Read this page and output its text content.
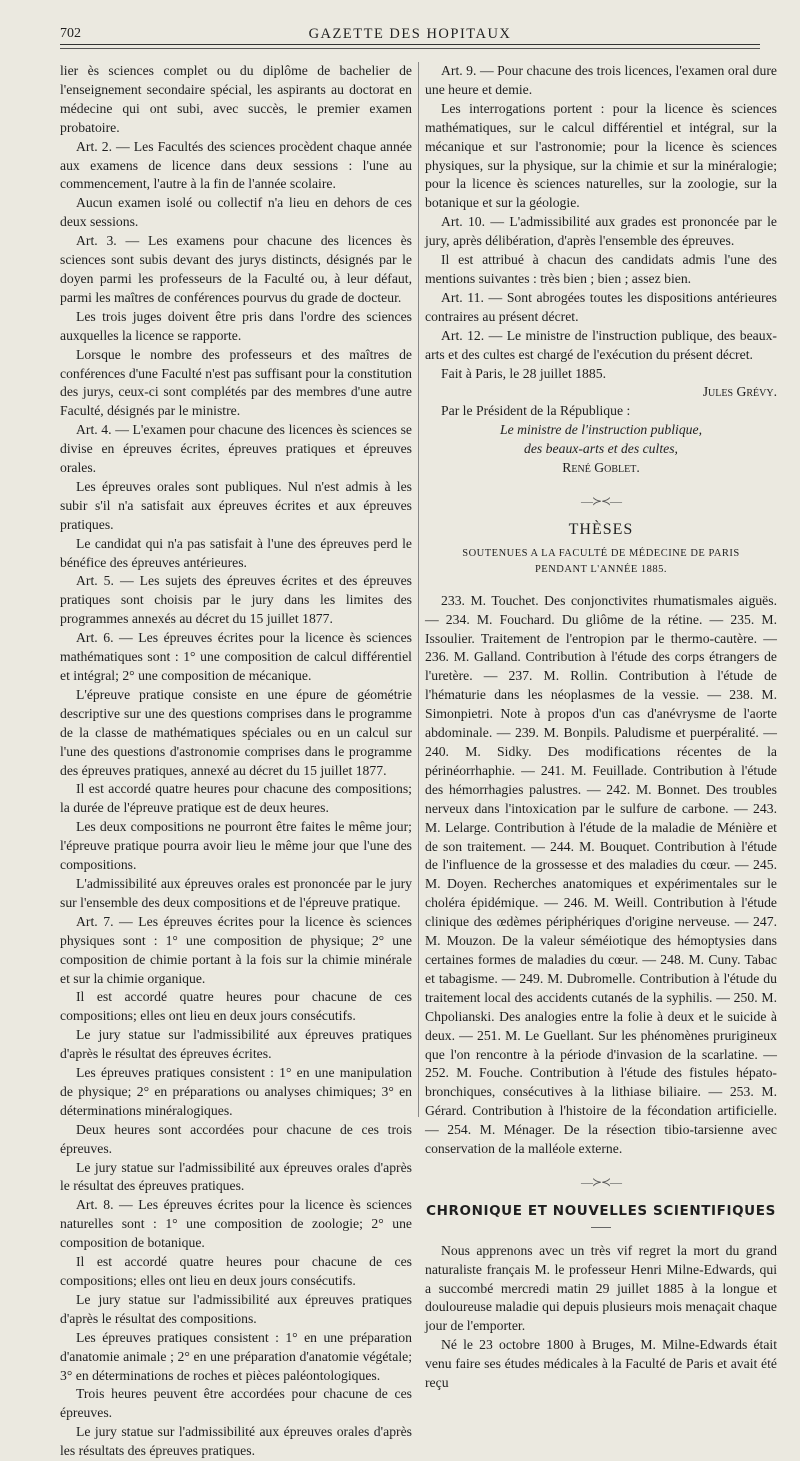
702	GAZETTE DES HOPITAUX

lier ès sciences complet ou du diplôme de bachelier de l'enseignement secondaire spécial, les aspirants au doctorat en médecine qui ont subi, avec succès, le premier examen probatoire.

Art. 2. — Les Facultés des sciences procèdent chaque année aux examens de licence dans deux sessions : l'une au commencement, l'autre à la fin de l'année scolaire.

Aucun examen isolé ou collectif n'a lieu en dehors de ces deux sessions.

Art. 3. — Les examens pour chacune des licences ès sciences sont subis devant des jurys distincts, désignés par le doyen parmi les professeurs de la Faculté ou, à leur défaut, parmi les maîtres de conférences pourvus du grade de docteur.

Les trois juges doivent être pris dans l'ordre des sciences auxquelles la licence se rapporte.

Lorsque le nombre des professeurs et des maîtres de conférences d'une Faculté n'est pas suffisant pour la constitution des jurys, ceux-ci sont complétés par des membres d'une autre Faculté, désignés par le ministre.

Art. 4. — L'examen pour chacune des licences ès sciences se divise en épreuves écrites, épreuves pratiques et épreuves orales.

Les épreuves orales sont publiques. Nul n'est admis à les subir s'il n'a satisfait aux épreuves écrites et aux épreuves pratiques.

Le candidat qui n'a pas satisfait à l'une des épreuves perd le bénéfice des épreuves antérieures.

Art. 5. — Les sujets des épreuves écrites et des épreuves pratiques sont choisis par le jury dans les limites des programmes annexés au décret du 15 juillet 1877.

Art. 6. — Les épreuves écrites pour la licence ès sciences mathématiques sont : 1° une composition de calcul différentiel et intégral; 2° une composition de mécanique.

L'épreuve pratique consiste en une épure de géométrie descriptive sur une des questions comprises dans le programme de la classe de mathématiques spéciales ou en un calcul sur l'une des questions d'astronomie comprises dans le programme des épreuves pratiques, annexé au décret du 15 juillet 1877.

Il est accordé quatre heures pour chacune des compositions; la durée de l'épreuve pratique est de deux heures.

Les deux compositions ne pourront être faites le même jour; l'épreuve pratique pourra avoir lieu le même jour que l'une des compositions.

L'admissibilité aux épreuves orales est prononcée par le jury sur l'ensemble des deux compositions et de l'épreuve pratique.

Art. 7. — Les épreuves écrites pour la licence ès sciences physiques sont : 1° une composition de physique; 2° une composition de chimie portant à la fois sur la chimie minérale et sur la chimie organique.

Il est accordé quatre heures pour chacune de ces compositions; elles ont lieu en deux jours consécutifs.

Le jury statue sur l'admissibilité aux épreuves pratiques d'après le résultat des épreuves écrites.

Les épreuves pratiques consistent : 1° en une manipulation de physique; 2° en préparations ou analyses chimiques; 3° en déterminations minéralogiques.

Deux heures sont accordées pour chacune de ces trois épreuves.

Le jury statue sur l'admissibilité aux épreuves orales d'après le résultat des épreuves pratiques.

Art. 8. — Les épreuves écrites pour la licence ès sciences naturelles sont : 1° une composition de zoologie; 2° une composition de botanique.

Il est accordé quatre heures pour chacune de ces compositions; elles ont lieu en deux jours consécutifs.

Le jury statue sur l'admissibilité aux épreuves pratiques d'après le résultat des compositions.

Les épreuves pratiques consistent : 1° en une préparation d'anatomie animale ; 2° en une préparation d'anatomie végétale; 3° en déterminations de roches et pièces paléontologiques.

Trois heures peuvent être accordées pour chacune de ces épreuves.

Le jury statue sur l'admissibilité aux épreuves orales d'après les résultats des épreuves pratiques.

Art. 9. — Pour chacune des trois licences, l'examen oral dure une heure et demie.

Les interrogations portent : pour la licence ès sciences mathématiques, sur le calcul différentiel et intégral, sur la mécanique et sur l'astronomie; pour la licence ès sciences physiques, sur la physique, sur la chimie et sur la minéralogie; pour la licence ès sciences naturelles, sur la zoologie, sur la botanique et sur la géologie.

Art. 10. — L'admissibilité aux grades est prononcée par le jury, après délibération, d'après l'ensemble des épreuves.

Il est attribué à chacun des candidats admis l'une des mentions suivantes : très bien ; bien ; assez bien.

Art. 11. — Sont abrogées toutes les dispositions antérieures contraires au présent décret.

Art. 12. — Le ministre de l'instruction publique, des beaux-arts et des cultes est chargé de l'exécution du présent décret.

Fait à Paris, le 28 juillet 1885.

Jules Grévy.

Par le Président de la République :

Le ministre de l'instruction publique,

des beaux-arts et des cultes,

René Goblet.

—≻≺—
THÈSES
SOUTENUES A LA FACULTÉ DE MÉDECINE DE PARIS
PENDANT L'ANNÉE 1885.

233. M. Touchet. Des conjonctivites rhumatismales aiguës. — 234. M. Fouchard. Du gliôme de la rétine. — 235. M. Issoulier. Traitement de l'entropion par le thermo-cautère. — 236. M. Galland. Contribution à l'étude des corps étrangers de l'uretère. — 237. M. Rollin. Contribution à l'étude de l'hématurie dans les néoplasmes de la vessie. — 238. M. Simonpietri. Note à propos d'un cas d'anévrysme de l'aorte abdominale. — 239. M. Bonpils. Paludisme et puerpéralité. — 240. M. Sidky. Des modifications récentes de la périnéorrhaphie. — 241. M. Feuillade. Contribution à l'étude des hémorrhagies palustres. — 242. M. Bonnet. Des troubles nerveux dans l'intoxication par le sulfure de carbone. — 243. M. Lelarge. Contribution à l'étude de la maladie de Ménière et de son traitement. — 244. M. Bouquet. Contribution à l'étude de l'influence de la grossesse et des maladies du cœur. — 245. M. Doyen. Recherches anatomiques et expérimentales sur le choléra épidémique. — 246. M. Weill. Contribution à l'étude clinique des œdèmes périphériques d'origine nerveuse. — 247. M. Mouzon. De la valeur séméiotique des hémoptysies dans certaines formes de maladies du cœur. — 248. M. Cuny. Tabac et tabagisme. — 249. M. Dubromelle. Contribution à l'étude du traitement local des accidents cutanés de la syphilis. — 250. M. Chpolianski. Des analogies entre la folie à deux et le suicide à deux. — 251. M. Le Guellant. Sur les phénomènes prurigineux que l'on rencontre à la période d'invasion de la scarlatine. — 252. M. Fouche. Contribution à l'étude des fistules hépato-bronchiques, consécutives à la lithiase biliaire. — 253. M. Gérard. Contribution à l'histoire de la fécondation artificielle. — 254. M. Ménager. De la résection tibio-tarsienne avec conservation de la malléole externe.

—≻≺—
CHRONIQUE ET NOUVELLES SCIENTIFIQUES

Nous apprenons avec un très vif regret la mort du grand naturaliste français M. le professeur Henri Milne-Edwards, qui a succombé mercredi matin 29 juillet 1885 à la longue et douloureuse maladie qui depuis plusieurs mois menaçait chaque jour de l'emporter.

Né le 23 octobre 1800 à Bruges, M. Milne-Edwards était venu faire ses études médicales à la Faculté de Paris et avait été reçu
